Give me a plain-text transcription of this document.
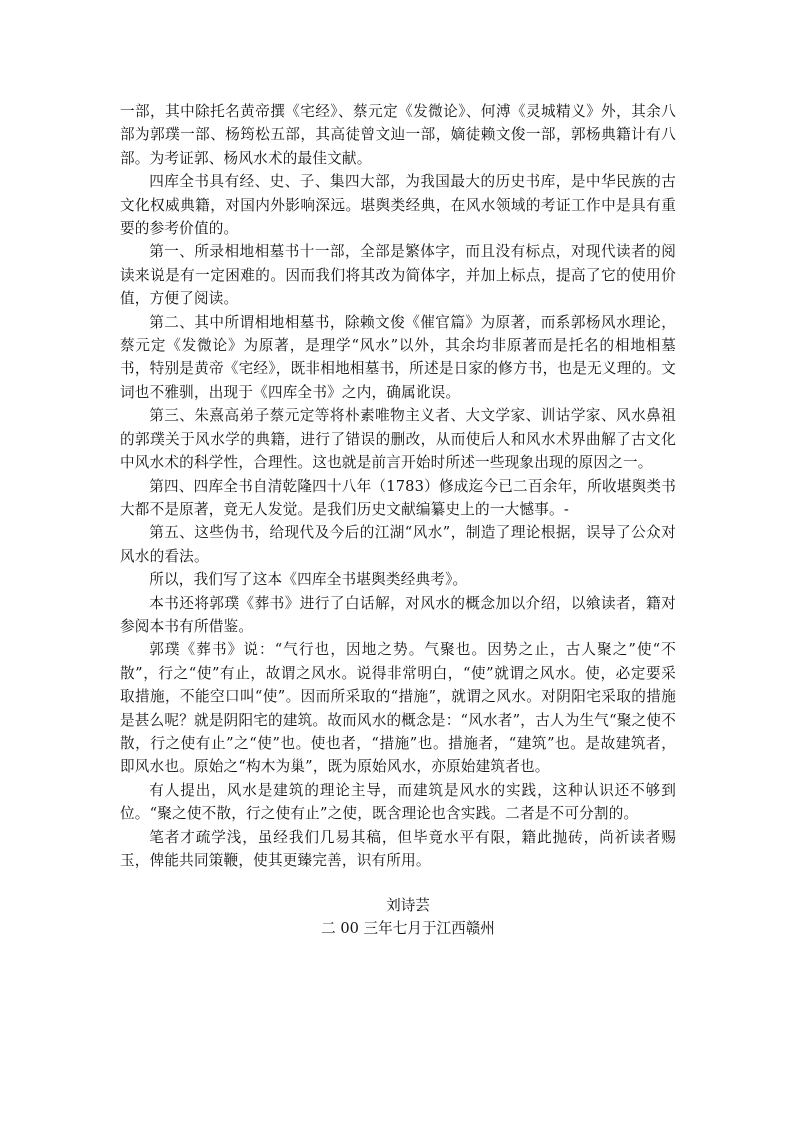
一部，其中除托名黄帝撰《宅经》、蔡元定《发微论》、何溥《灵城精义》外，其余八部为郭璞一部、杨筠松五部，其高徒曾文辿一部，嫡徒赖文俊一部，郭杨典籍计有八部。为考证郭、杨风水术的最佳文献。

四库全书具有经、史、子、集四大部，为我国最大的历史书库，是中华民族的古文化权威典籍，对国内外影响深远。堪舆类经典，在风水领域的考证工作中是具有重要的参考价值的。

第一、所录相地相墓书十一部，全部是繁体字，而且没有标点，对现代读者的阅读来说是有一定困难的。因而我们将其改为简体字，并加上标点，提高了它的使用价值，方便了阅读。

第二、其中所谓相地相墓书，除赖文俊《催官篇》为原著，而系郭杨风水理论，蔡元定《发微论》为原著，是理学“风水”以外，其余均非原著而是托名的相地相墓书，特别是黄帝《宅经》，既非相地相墓书，所述是日家的修方书，也是无义理的。文词也不雅驯，出现于《四库全书》之内，确属讹误。

第三、朱熹高弟子蔡元定等将朴素唯物主义者、大文学家、训诂学家、风水鼻祖的郭璞关于风水学的典籍，进行了错误的删改，从而使后人和风水术界曲解了古文化中风水术的科学性，合理性。这也就是前言开始时所述一些现象出现的原因之一。

第四、四库全书自清乾隆四十八年（1783）修成迄今已二百余年，所收堪舆类书大都不是原著，竟无人发觉。是我们历史文献编纂史上的一大憾事。-

第五、这些伪书，给现代及今后的江湖“风水”，制造了理论根据，误导了公众对风水的看法。

所以，我们写了这本《四库全书堪舆类经典考》。

本书还将郭璞《葬书》进行了白话解，对风水的概念加以介绍，以飨读者，籍对参阅本书有所借鉴。

郭璞《葬书》说：“气行也，因地之势。气聚也。因势之止，古人聚之”使“不散”，行之“使”有止，故谓之风水。说得非常明白，“使”就谓之风水。使，必定要采取措施，不能空口叫“使”。因而所采取的“措施”，就谓之风水。对阴阳宅采取的措施是甚么呢？就是阴阳宅的建筑。故而风水的概念是：“风水者”，古人为生气“聚之使不散，行之使有止”之“使”也。使也者，“措施”也。措施者，“建筑”也。是故建筑者，即风水也。原始之“构木为巢”，既为原始风水，亦原始建筑者也。

有人提出，风水是建筑的理论主导，而建筑是风水的实践，这种认识还不够到位。“聚之使不散，行之使有止”之使，既含理论也含实践。二者是不可分割的。

笔者才疏学浅，虽经我们几易其稿，但毕竟水平有限，籍此抛砖，尚祈读者赐玉，俾能共同策鞭，使其更臻完善，识有所用。

刘诗芸

二 00 三年七月于江西赣州
